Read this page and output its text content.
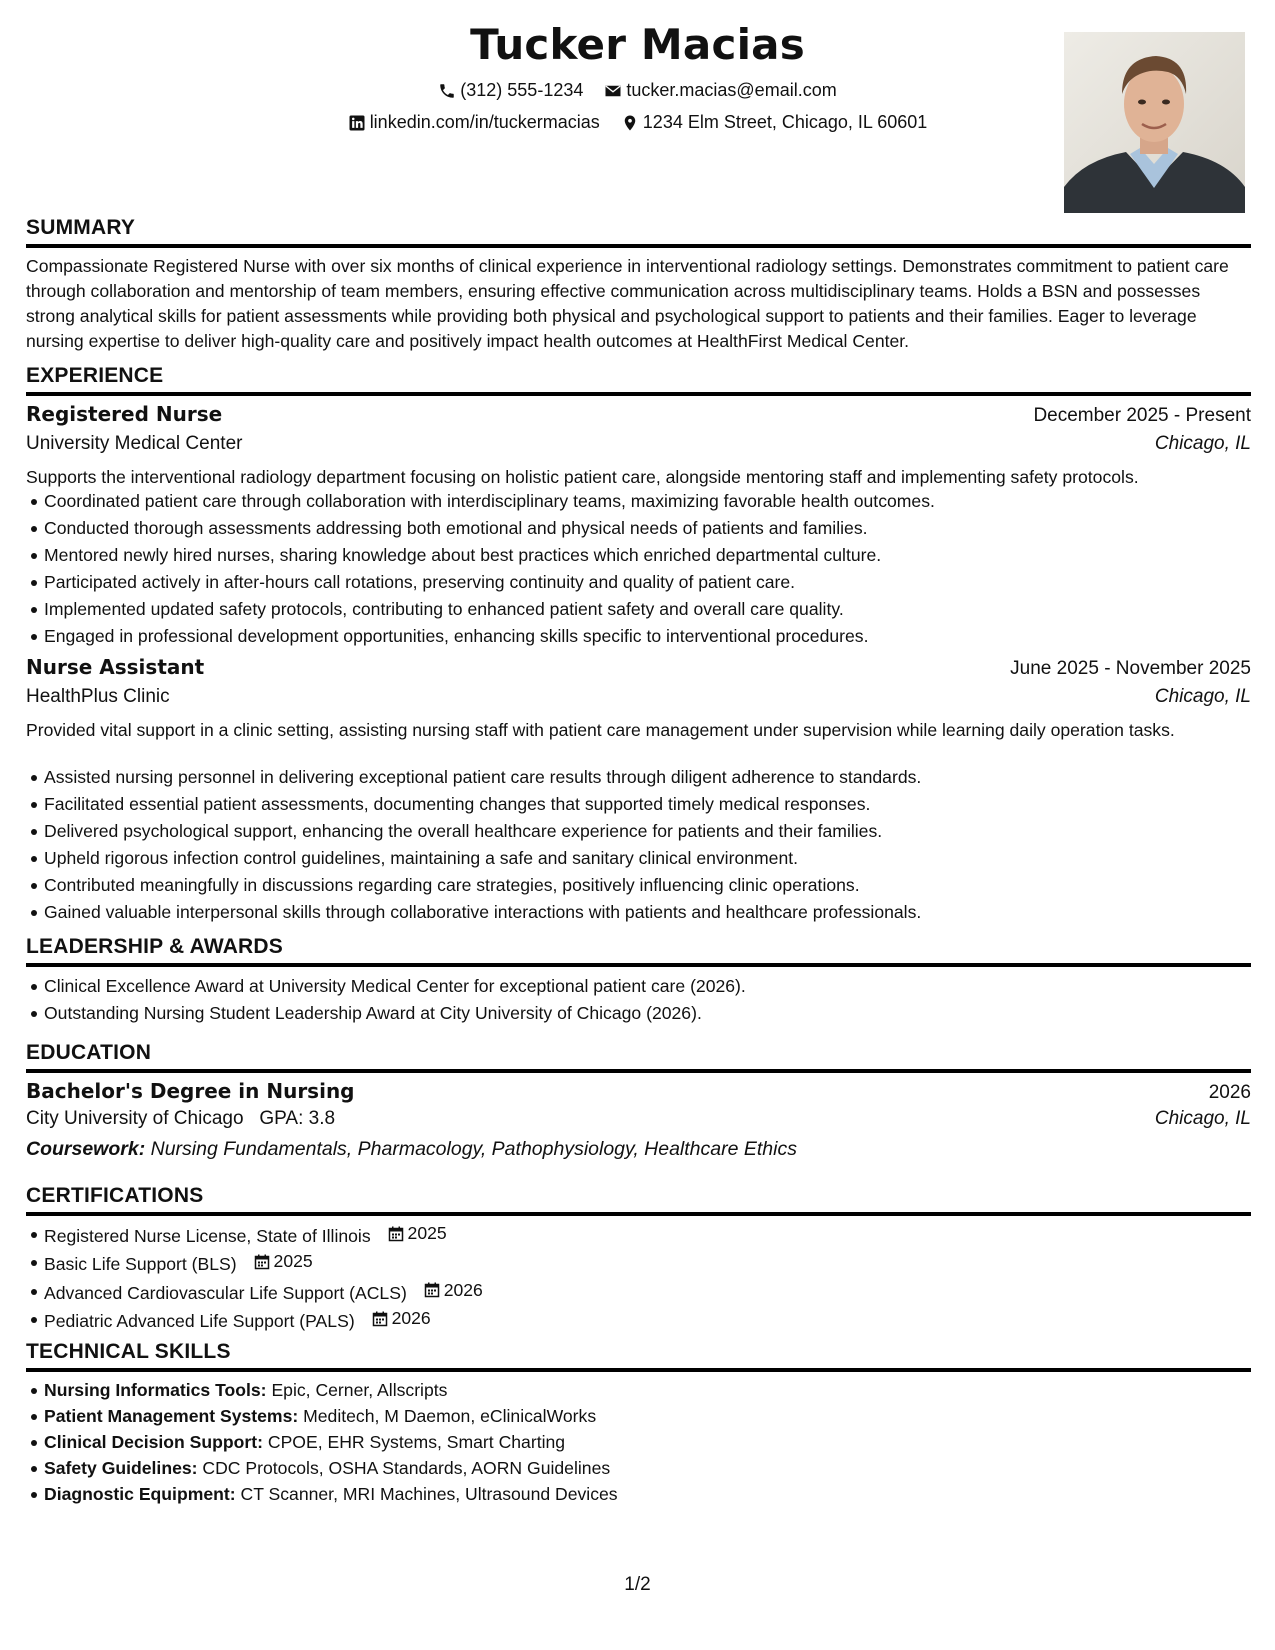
Tucker Macias
(312) 555-1234
tucker.macias@email.com
linkedin.com/in/tuckermacias
1234 Elm Street, Chicago, IL 60601
SUMMARY
Compassionate Registered Nurse with over six months of clinical experience in interventional radiology settings. Demonstrates commitment to patient care through collaboration and mentorship of team members, ensuring effective communication across multidisciplinary teams. Holds a BSN and possesses strong analytical skills for patient assessments while providing both physical and psychological support to patients and their families. Eager to leverage nursing expertise to deliver high-quality care and positively impact health outcomes at HealthFirst Medical Center.
EXPERIENCE
Registered Nurse	December 2025 - Present
University Medical Center	Chicago, IL
Supports the interventional radiology department focusing on holistic patient care, alongside mentoring staff and implementing safety protocols.
Coordinated patient care through collaboration with interdisciplinary teams, maximizing favorable health outcomes.
Conducted thorough assessments addressing both emotional and physical needs of patients and families.
Mentored newly hired nurses, sharing knowledge about best practices which enriched departmental culture.
Participated actively in after-hours call rotations, preserving continuity and quality of patient care.
Implemented updated safety protocols, contributing to enhanced patient safety and overall care quality.
Engaged in professional development opportunities, enhancing skills specific to interventional procedures.
Nurse Assistant	June 2025 - November 2025
HealthPlus Clinic	Chicago, IL
Provided vital support in a clinic setting, assisting nursing staff with patient care management under supervision while learning daily operation tasks.
Assisted nursing personnel in delivering exceptional patient care results through diligent adherence to standards.
Facilitated essential patient assessments, documenting changes that supported timely medical responses.
Delivered psychological support, enhancing the overall healthcare experience for patients and their families.
Upheld rigorous infection control guidelines, maintaining a safe and sanitary clinical environment.
Contributed meaningfully in discussions regarding care strategies, positively influencing clinic operations.
Gained valuable interpersonal skills through collaborative interactions with patients and healthcare professionals.
LEADERSHIP & AWARDS
Clinical Excellence Award at University Medical Center for exceptional patient care (2026).
Outstanding Nursing Student Leadership Award at City University of Chicago (2026).
EDUCATION
Bachelor's Degree in Nursing	2026
City University of Chicago GPA: 3.8	Chicago, IL
Coursework: Nursing Fundamentals, Pharmacology, Pathophysiology, Healthcare Ethics
CERTIFICATIONS
Registered Nurse License, State of Illinois 2025
Basic Life Support (BLS) 2025
Advanced Cardiovascular Life Support (ACLS) 2026
Pediatric Advanced Life Support (PALS) 2026
TECHNICAL SKILLS
Nursing Informatics Tools: Epic, Cerner, Allscripts
Patient Management Systems: Meditech, M Daemon, eClinicalWorks
Clinical Decision Support: CPOE, EHR Systems, Smart Charting
Safety Guidelines: CDC Protocols, OSHA Standards, AORN Guidelines
Diagnostic Equipment: CT Scanner, MRI Machines, Ultrasound Devices
1/2
